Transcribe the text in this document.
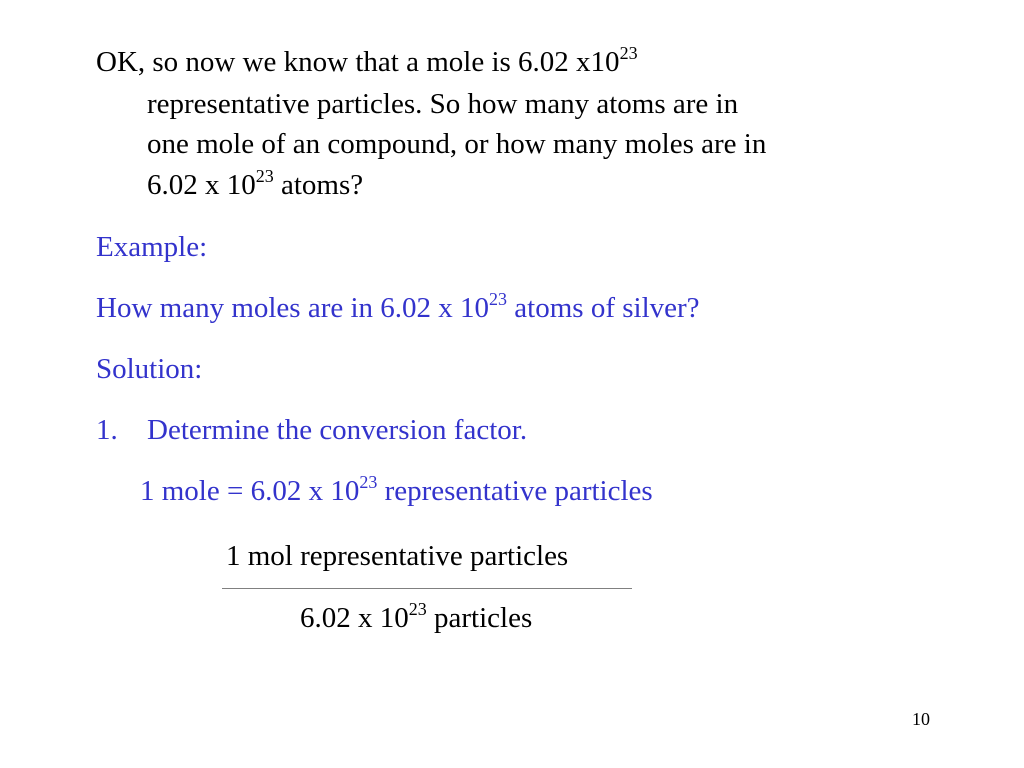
OK, so now we know that a mole is 6.02 $x10^{23}$
representative particles. So how many atoms are in
one mole of an compound, or how many moles are in
6.02 x $10^{23}$ atoms?
Example:
How many moles are in 6.02 x $10^{23}$ atoms of silver?
Solution:
1. Determine the conversion factor.
1 mole = 6.02 x $10^{23}$ representative particles
1 mol representative particles
6.02 x $10^{23}$ particles
10
